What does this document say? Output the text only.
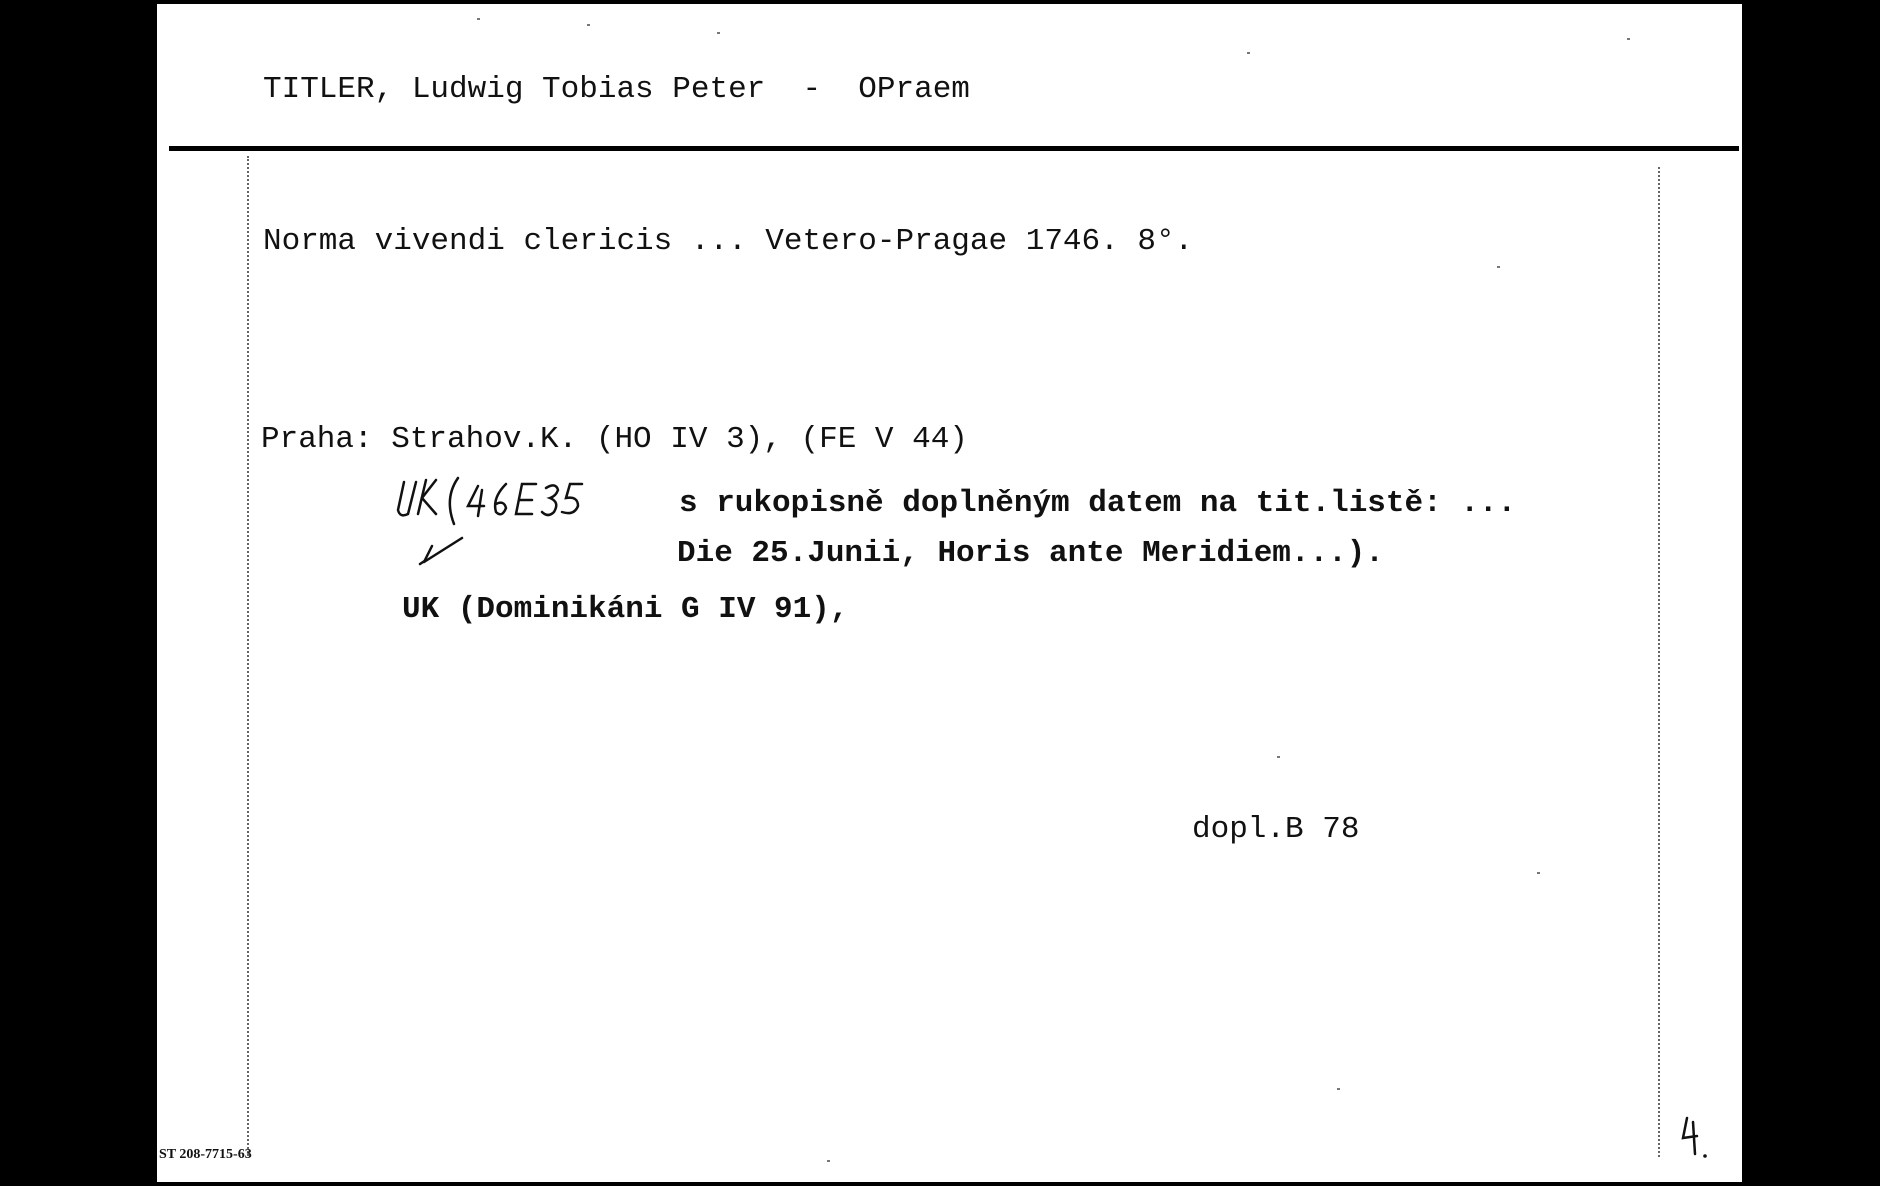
TITLER, Ludwig Tobias Peter  -  OPraem
Norma vivendi clericis ... Vetero-Pragae 1746. 8°.
Praha: Strahov.K. (HO IV 3), (FE V 44)
s rukopisně doplněným datem na tit.listě: ...
Die 25.Junii, Horis ante Meridiem...).
UK (Dominikáni G IV 91),
dopl.B 78
ST 208-7715-63
